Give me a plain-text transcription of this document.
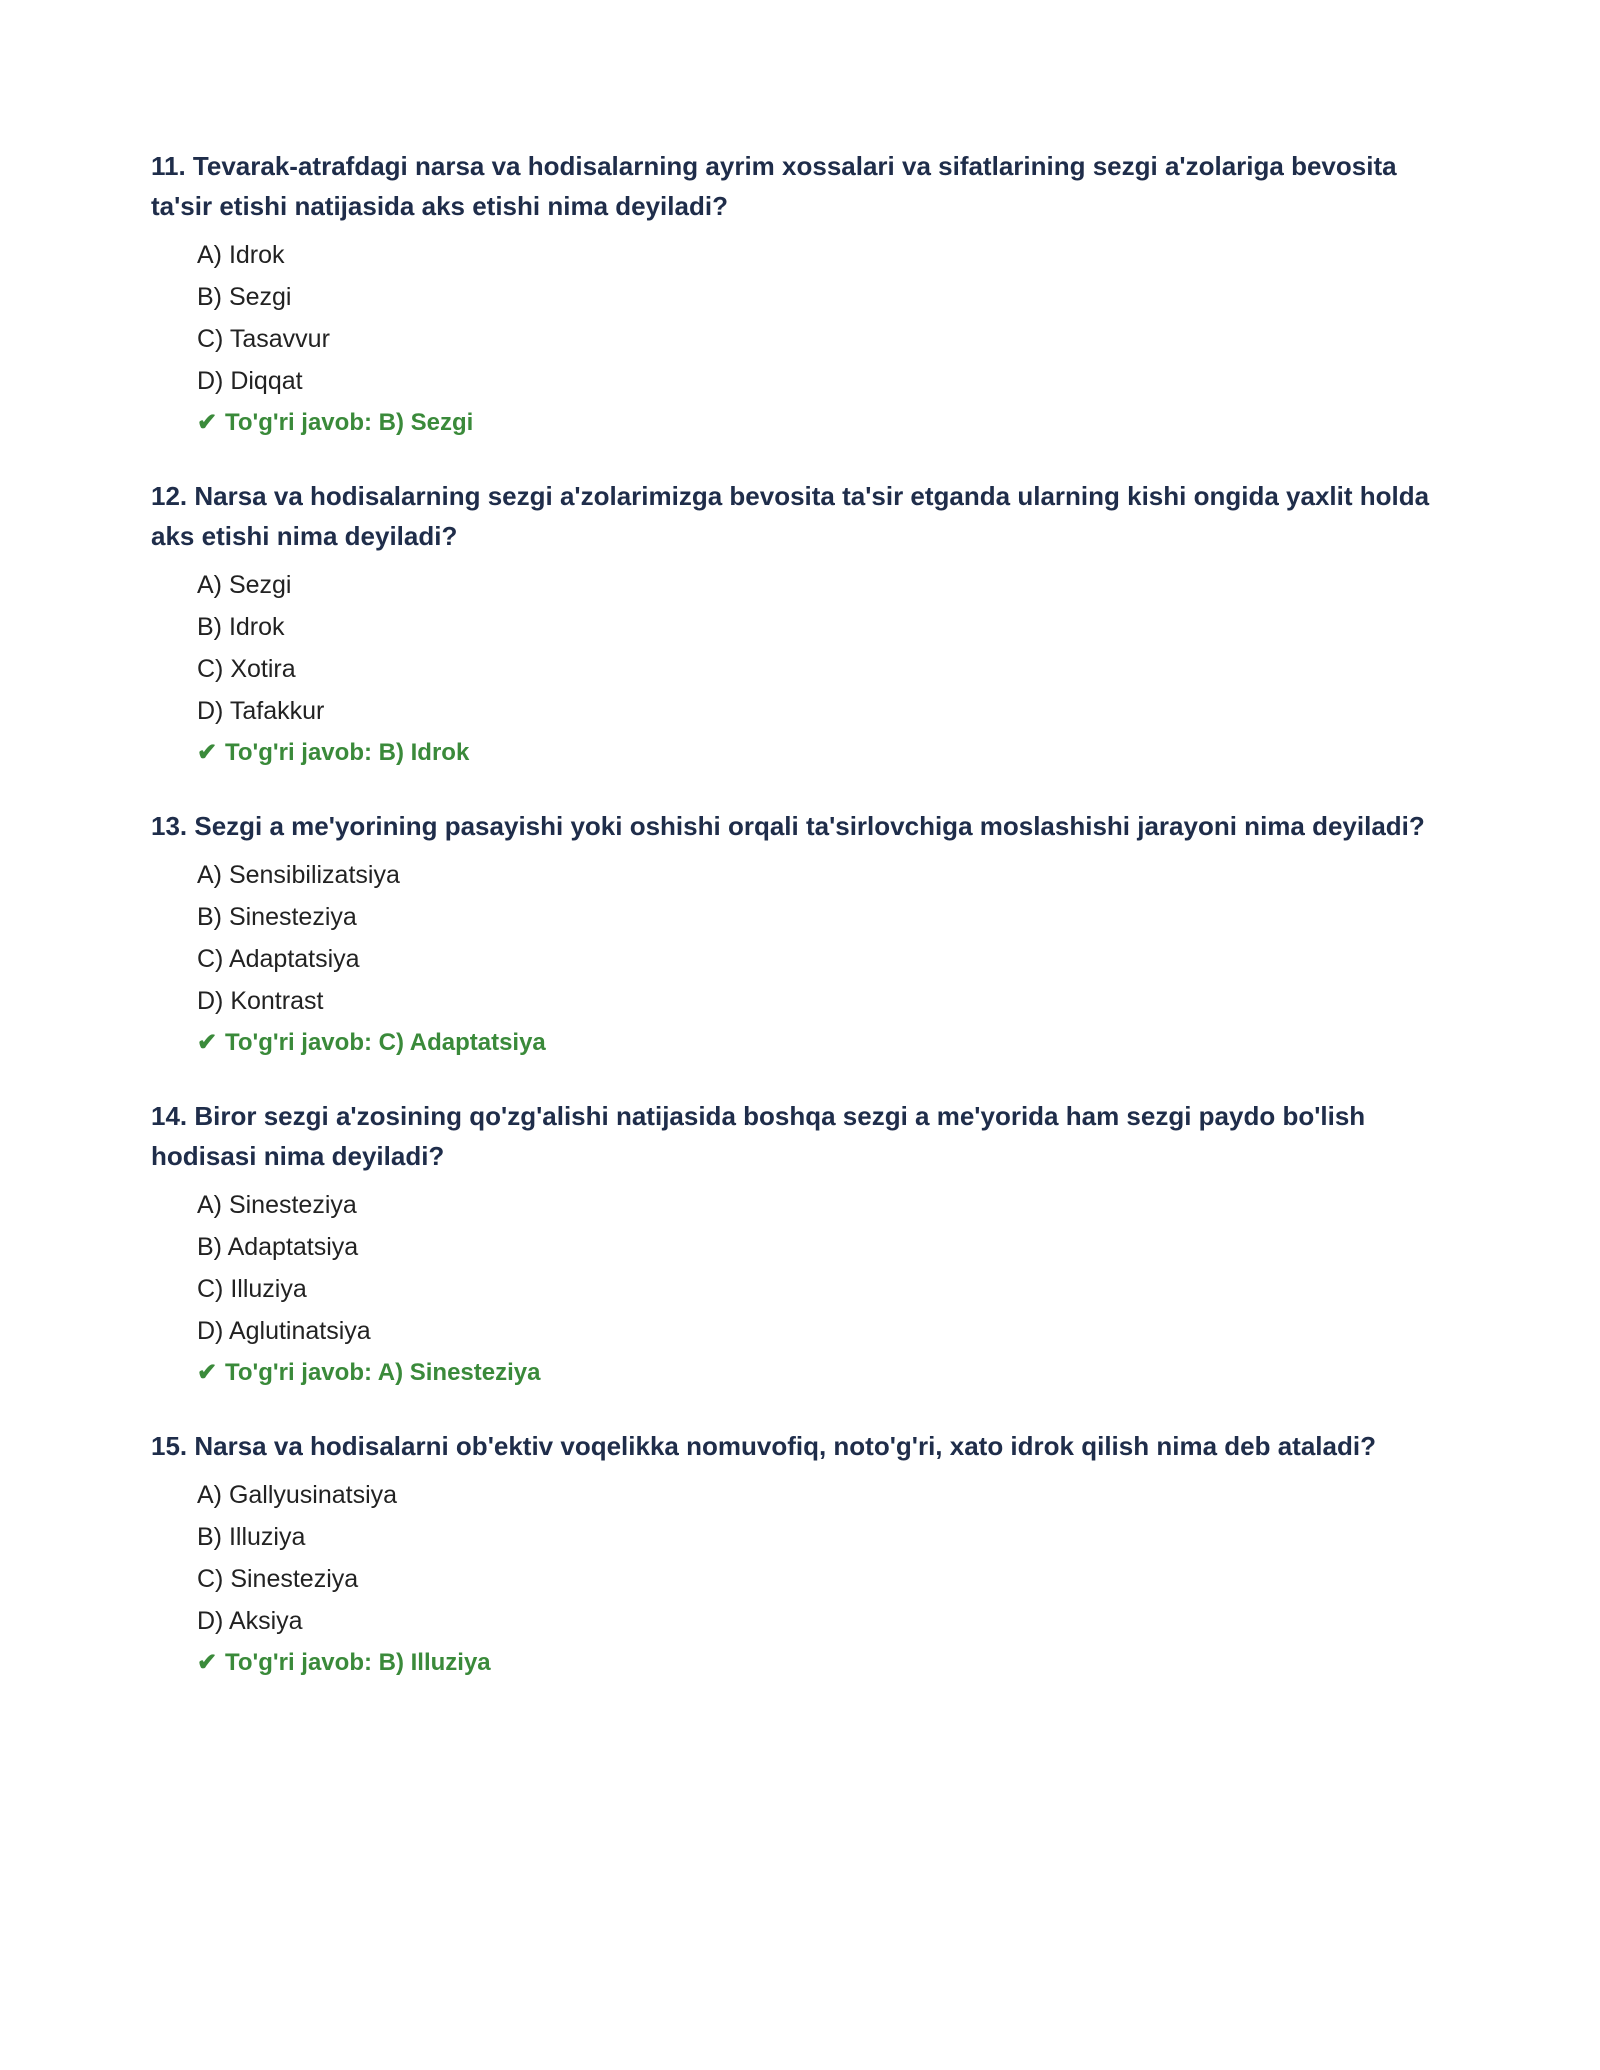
11. Tevarak-atrafdagi narsa va hodisalarning ayrim xossalari va sifatlarining sezgi a'zolariga bevosita ta'sir etishi natijasida aks etishi nima deyiladi?

A) Idrok
B) Sezgi
C) Tasavvur
D) Diqqat
✔ To'g'ri javob: B) Sezgi

12. Narsa va hodisalarning sezgi a'zolarimizga bevosita ta'sir etganda ularning kishi ongida yaxlit holda aks etishi nima deyiladi?

A) Sezgi
B) Idrok
C) Xotira
D) Tafakkur
✔ To'g'ri javob: B) Idrok

13. Sezgi a me'yorining pasayishi yoki oshishi orqali ta'sirlovchiga moslashishi jarayoni nima deyiladi?

A) Sensibilizatsiya
B) Sinesteziya
C) Adaptatsiya
D) Kontrast
✔ To'g'ri javob: C) Adaptatsiya

14. Biror sezgi a'zosining qo'zg'alishi natijasida boshqa sezgi a me'yorida ham sezgi paydo bo'lish hodisasi nima deyiladi?

A) Sinesteziya
B) Adaptatsiya
C) Illuziya
D) Aglutinatsiya
✔ To'g'ri javob: A) Sinesteziya

15. Narsa va hodisalarni ob'ektiv voqelikka nomuvofiq, noto'g'ri, xato idrok qilish nima deb ataladi?

A) Gallyusinatsiya
B) Illuziya
C) Sinesteziya
D) Aksiya
✔ To'g'ri javob: B) Illuziya
